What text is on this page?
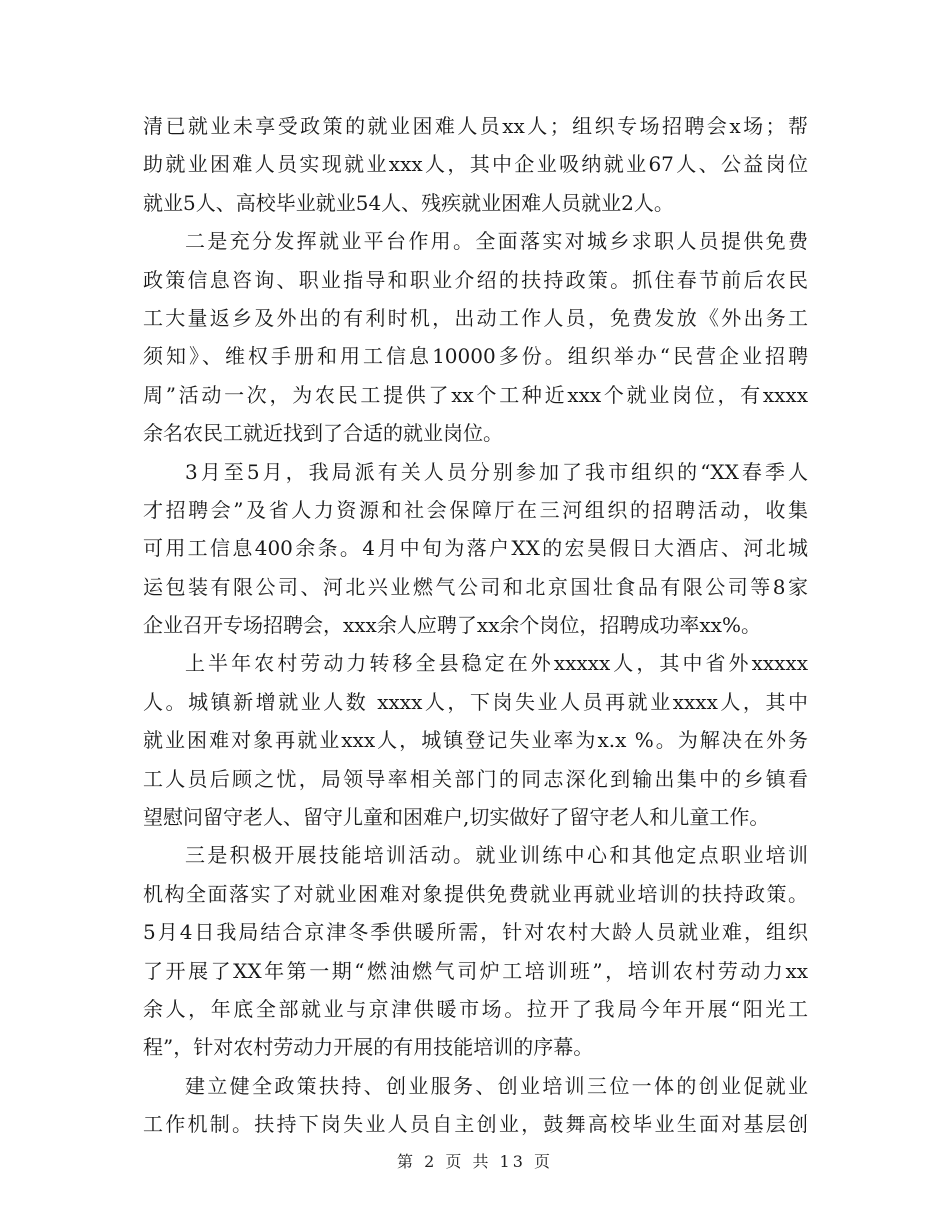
清已就业未享受政策的就业困难人员xx人；组织专场招聘会x场；帮
助就业困难人员实现就业xxx人，其中企业吸纳就业67人、公益岗位
就业5人、高校毕业就业54人、残疾就业困难人员就业2人。
二是充分发挥就业平台作用。全面落实对城乡求职人员提供免费
政策信息咨询、职业指导和职业介绍的扶持政策。抓住春节前后农民
工大量返乡及外出的有利时机，出动工作人员，免费发放《外出务工
须知》、维权手册和用工信息10000多份。组织举办“民营企业招聘
周”活动一次，为农民工提供了xx个工种近xxx个就业岗位，有xxxx
余名农民工就近找到了合适的就业岗位。
3月至5月，我局派有关人员分别参加了我市组织的“XX春季人
才招聘会”及省人力资源和社会保障厅在三河组织的招聘活动，收集
可用工信息400余条。4月中旬为落户XX的宏昊假日大酒店、河北城
运包装有限公司、河北兴业燃气公司和北京国壮食品有限公司等8家
企业召开专场招聘会，xxx余人应聘了xx余个岗位，招聘成功率xx%。
上半年农村劳动力转移全县稳定在外xxxxx人，其中省外xxxxx
人。城镇新增就业人数 xxxx人，下岗失业人员再就业xxxx人，其中
就业困难对象再就业xxx人，城镇登记失业率为x.x %。为解决在外务
工人员后顾之忧，局领导率相关部门的同志深化到输出集中的乡镇看
望慰问留守老人、留守儿童和困难户,切实做好了留守老人和儿童工作。
三是积极开展技能培训活动。就业训练中心和其他定点职业培训
机构全面落实了对就业困难对象提供免费就业再就业培训的扶持政策。
5月4日我局结合京津冬季供暖所需，针对农村大龄人员就业难，组织
了开展了XX年第一期“燃油燃气司炉工培训班”，培训农村劳动力xx
余人，年底全部就业与京津供暖市场。拉开了我局今年开展“阳光工
程”，针对农村劳动力开展的有用技能培训的序幕。
建立健全政策扶持、创业服务、创业培训三位一体的创业促就业
工作机制。扶持下岗失业人员自主创业，鼓舞高校毕业生面对基层创
第 2 页 共 13 页
